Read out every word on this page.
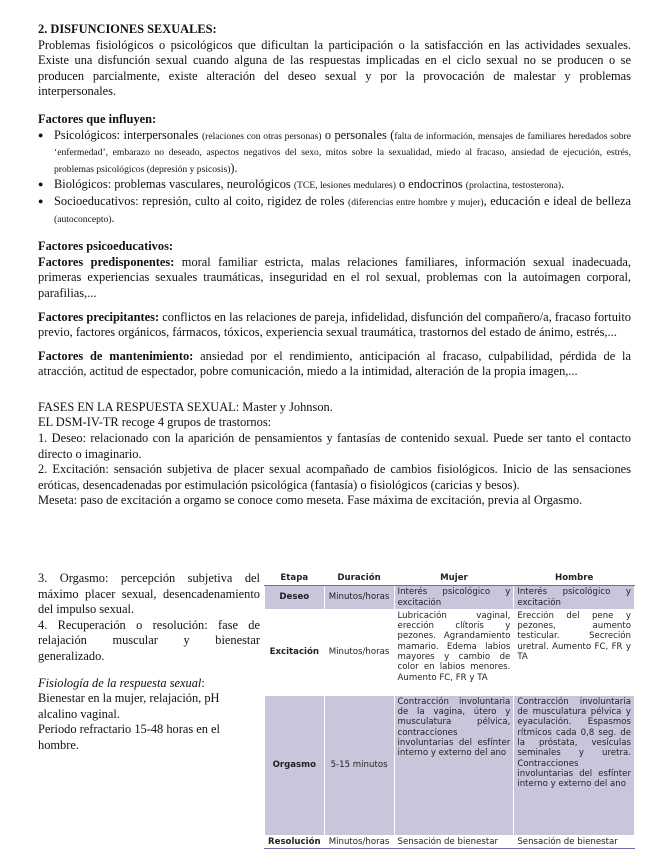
2. DISFUNCIONES SEXUALES:

Problemas fisiológicos o psicológicos que dificultan la participación o la satisfacción en las actividades sexuales. Existe una disfunción sexual cuando alguna de las respuestas implicadas en el ciclo sexual no se producen o se producen parcialmente, existe alteración del deseo sexual y por la provocación de malestar y problemas interpersonales.

Factores que influyen:

● Psicológicos: interpersonales (relaciones con otras personas) o personales (falta de información, mensajes de familiares heredados sobre ‘enfermedad’, embarazo no deseado, aspectos negativos del sexo, mitos sobre la sexualidad, miedo al fracaso, ansiedad de ejecución, estrés, problemas psicológicos (depresión y psicosis)).
● Biológicos: problemas vasculares, neurológicos (TCE, lesiones medulares) o endocrinos (prolactina, testosterona).
● Socioeducativos: represión, culto al coito, rigidez de roles (diferencias entre hombre y mujer), educación e ideal de belleza (autoconcepto).

Factores psicoeducativos:

Factores predisponentes: moral familiar estricta, malas relaciones familiares, información sexual inadecuada, primeras experiencias sexuales traumáticas, inseguridad en el rol sexual, problemas con la autoimagen corporal, parafilias,...

Factores precipitantes: conflictos en las relaciones de pareja, infidelidad, disfunción del compañero/a, fracaso fortuito previo, factores orgánicos, fármacos, tóxicos, experiencia sexual traumática, trastornos del estado de ánimo, estrés,...

Factores de mantenimiento: ansiedad por el rendimiento, anticipación al fracaso, culpabilidad, pérdida de la atracción, actitud de espectador, pobre comunicación, miedo a la intimidad, alteración de la propia imagen,...

FASES EN LA RESPUESTA SEXUAL: Master y Johnson.

EL DSM-IV-TR recoge 4 grupos de trastornos:

1. Deseo: relacionado con la aparición de pensamientos y fantasías de contenido sexual. Puede ser tanto el contacto directo o imaginario.

2. Excitación: sensación subjetiva de placer sexual acompañado de cambios fisiológicos. Inicio de las sensaciones eróticas, desencadenadas por estimulación psicológica (fantasía) o fisiológicos (caricias y besos).

Meseta: paso de excitación a orgamo se conoce como meseta. Fase máxima de excitación, previa al Orgasmo.

3. Orgasmo: percepción subjetiva del máximo placer sexual, desencadenamiento del impulso sexual.

4. Recuperación o resolución: fase de relajación muscular y bienestar generalizado.

Fisiología de la respuesta sexual:

Bienestar en la mujer, relajación, pH alcalino vaginal.

Periodo refractario 15-48 horas en el hombre.

Etapa	Duración	Mujer	Hombre
Deseo	Minutos/horas	Interés psicológico y excitación	Interés psicológico y excitación
Excitación	Minutos/horas	Lubricación vaginal, erección clítoris y pezones. Agrandamiento mamario. Edema labios mayores y cambio de color en labios menores. Aumento FC, FR y TA	Erección del pene y pezones, aumento testicular. Secreción uretral. Aumento FC, FR y TA
Orgasmo	5-15 minutos	Contracción involuntaria de la vagina, útero y musculatura pélvica, contracciones involuntarias del esfínter interno y externo del ano	Contracción involuntaria de musculatura pélvica y eyaculación. Espasmos rítmicos cada 0,8 seg. de la próstata, vesículas seminales y uretra. Contracciones involuntarias del esfínter interno y externo del ano
Resolución	Minutos/horas	Sensación de bienestar	Sensación de bienestar
